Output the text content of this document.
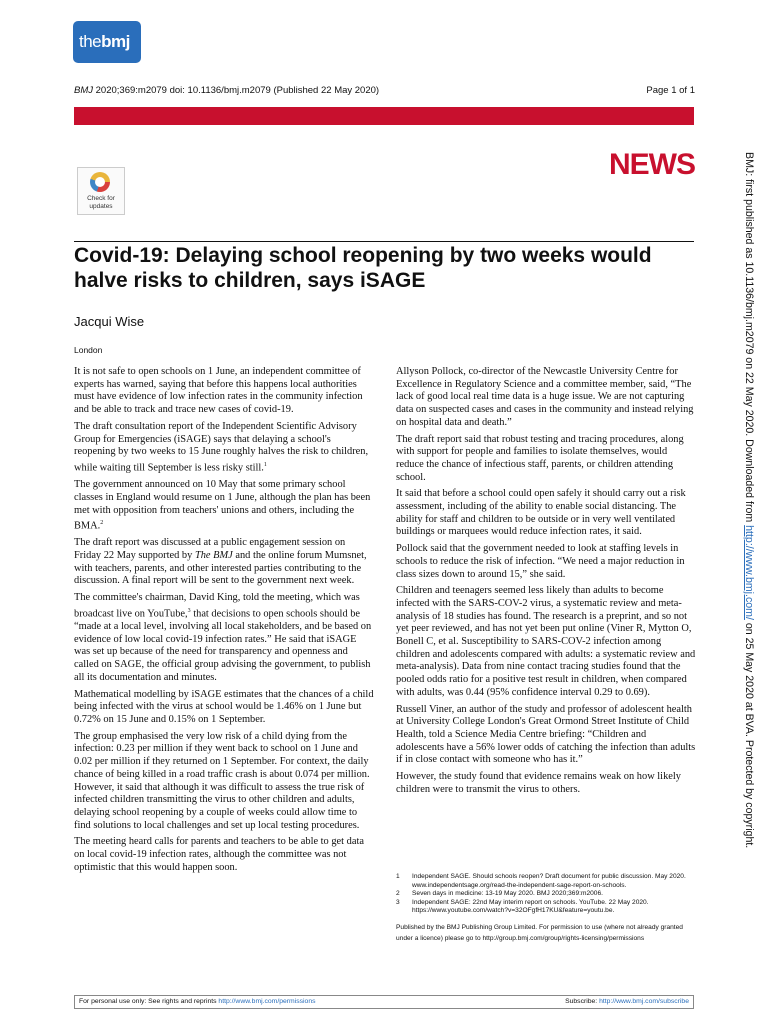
thebmj
BMJ 2020;369:m2079 doi: 10.1136/bmj.m2079 (Published 22 May 2020)	Page 1 of 1
NEWS
Check for
updates
Covid-19: Delaying school reopening by two weeks would halve risks to children, says iSAGE
Jacqui Wise
London

It is not safe to open schools on 1 June, an independent committee of experts has warned, saying that before this happens local authorities must have evidence of low infection rates in the community infection and be able to track and trace new cases of covid-19.

The draft consultation report of the Independent Scientific Advisory Group for Emergencies (iSAGE) says that delaying a school's reopening by two weeks to 15 June roughly halves the risk to children, while waiting till September is less risky still.$^1$

The government announced on 10 May that some primary school classes in England would resume on 1 June, although the plan has been met with opposition from teachers' unions and others, including the BMA.$^2$

The draft report was discussed at a public engagement session on Friday 22 May supported by The BMJ and the online forum Mumsnet, with teachers, parents, and other interested parties contributing to the discussion. A final report will be sent to the government next week.

The committee's chairman, David King, told the meeting, which was broadcast live on YouTube,$^3$ that decisions to open schools should be “made at a local level, involving all local stakeholders, and be based on evidence of low local covid-19 infection rates.” He said that iSAGE was set up because of the need for transparency and openness and called on SAGE, the official group advising the government, to publish all its documentation and minutes.

Mathematical modelling by iSAGE estimates that the chances of a child being infected with the virus at school would be 1.46% on 1 June but 0.72% on 15 June and 0.15% on 1 September.

The group emphasised the very low risk of a child dying from the infection: 0.23 per million if they went back to school on 1 June and 0.02 per million if they returned on 1 September. For context, the daily chance of being killed in a road traffic crash is about 0.074 per million. However, it said that although it was difficult to assess the true risk of infected children transmitting the virus to other children and adults, delaying school reopening by a couple of weeks could allow time to find solutions to local challenges and set up local testing procedures.

The meeting heard calls for parents and teachers to be able to get data on local covid-19 infection rates, although the committee was not optimistic that this would happen soon.

Allyson Pollock, co-director of the Newcastle University Centre for Excellence in Regulatory Science and a committee member, said, “The lack of good local real time data is a huge issue. We are not capturing data on suspected cases and cases in the community and instead relying on hospital data and death.”

The draft report said that robust testing and tracing procedures, along with support for people and families to isolate themselves, would reduce the chance of infectious staff, parents, or children attending school.

It said that before a school could open safely it should carry out a risk assessment, including of the ability to enable social distancing. The ability for staff and children to be outside or in very well ventilated buildings or marquees would reduce infection rates, it said.

Pollock said that the government needed to look at staffing levels in schools to reduce the risk of infection. “We need a major reduction in class sizes down to around 15,” she said.

Children and teenagers seemed less likely than adults to become infected with the SARS-COV-2 virus, a systematic review and meta-analysis of 18 studies has found. The research is a preprint, and so not yet peer reviewed, and has not yet been put online (Viner R, Mytton O, Bonell C, et al. Susceptibility to SARS-COV-2 infection among children and adolescents compared with adults: a systematic review and meta-analysis). Data from nine contact tracing studies found that the pooled odds ratio for a positive test result in children, when compared with adults, was 0.44 (95% confidence interval 0.29 to 0.69).

Russell Viner, an author of the study and professor of adolescent health at University College London's Great Ormond Street Institute of Child Health, told a Science Media Centre briefing: “Children and adolescents have a 56% lower odds of catching the infection than adults if in close contact with someone who has it.”

However, the study found that evidence remains weak on how likely children were to transmit the virus to others.

1 Independent SAGE. Should schools reopen? Draft document for public discussion. May 2020. www.independentsage.org/read-the-independent-sage-report-on-schools.
2 Seven days in medicine: 13-19 May 2020. BMJ 2020;369:m2006.
3 Independent SAGE: 22nd May interim report on schools. YouTube. 22 May 2020. https://www.youtube.com/watch?v=32OFgfH17KU&feature=youtu.be.
Published by the BMJ Publishing Group Limited. For permission to use (where not already granted under a licence) please go to http://group.bmj.com/group/rights-licensing/permissions
For personal use only: See rights and reprints http://www.bmj.com/permissions	Subscribe: http://www.bmj.com/subscribe
BMJ: first published as 10.1136/bmj.m2079 on 22 May 2020. Downloaded from http://www.bmj.com/ on 25 May 2020 at BVA. Protected by copyright.
